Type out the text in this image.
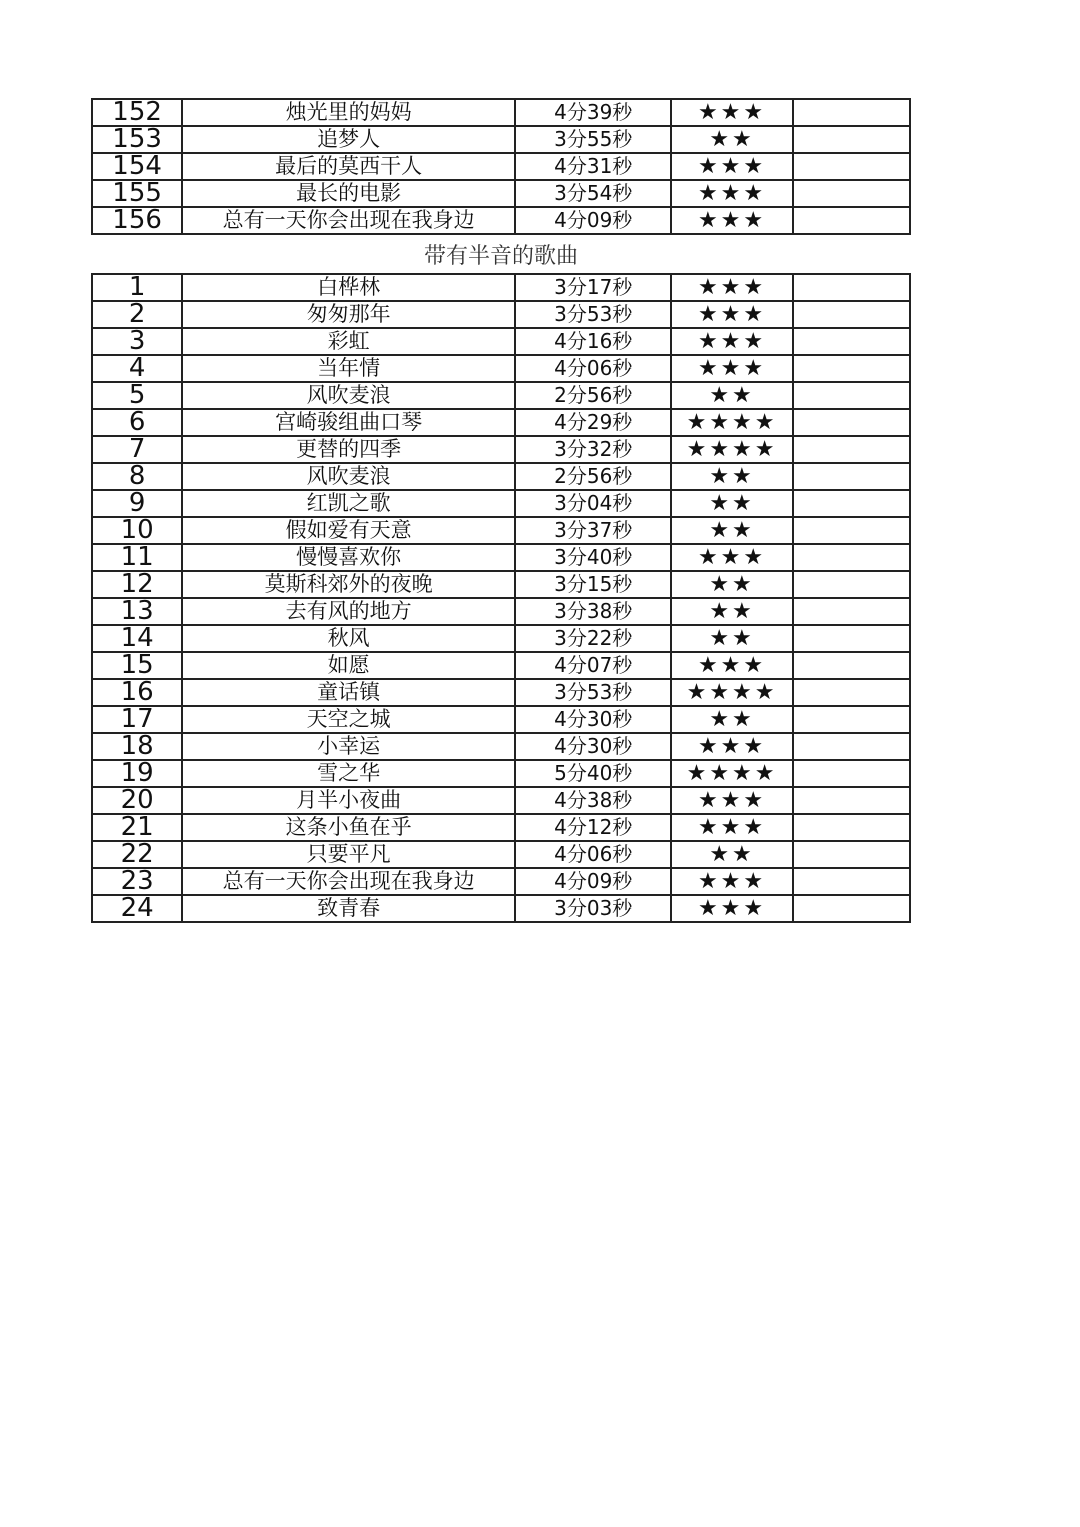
152	烛光里的妈妈	4分39秒	★★★	
153	追梦人	3分55秒	★★	
154	最后的莫西干人	4分31秒	★★★	
155	最长的电影	3分54秒	★★★	
156	总有一天你会出现在我身边	4分09秒	★★★	
带有半音的歌曲
1	白桦林	3分17秒	★★★	
2	匆匆那年	3分53秒	★★★	
3	彩虹	4分16秒	★★★	
4	当年情	4分06秒	★★★	
5	风吹麦浪	2分56秒	★★	
6	宫崎骏组曲口琴	4分29秒	★★★★	
7	更替的四季	3分32秒	★★★★	
8	风吹麦浪	2分56秒	★★	
9	红凯之歌	3分04秒	★★	
10	假如爱有天意	3分37秒	★★	
11	慢慢喜欢你	3分40秒	★★★	
12	莫斯科郊外的夜晚	3分15秒	★★	
13	去有风的地方	3分38秒	★★	
14	秋风	3分22秒	★★	
15	如愿	4分07秒	★★★	
16	童话镇	3分53秒	★★★★	
17	天空之城	4分30秒	★★	
18	小幸运	4分30秒	★★★	
19	雪之华	5分40秒	★★★★	
20	月半小夜曲	4分38秒	★★★	
21	这条小鱼在乎	4分12秒	★★★	
22	只要平凡	4分06秒	★★	
23	总有一天你会出现在我身边	4分09秒	★★★	
24	致青春	3分03秒	★★★	
